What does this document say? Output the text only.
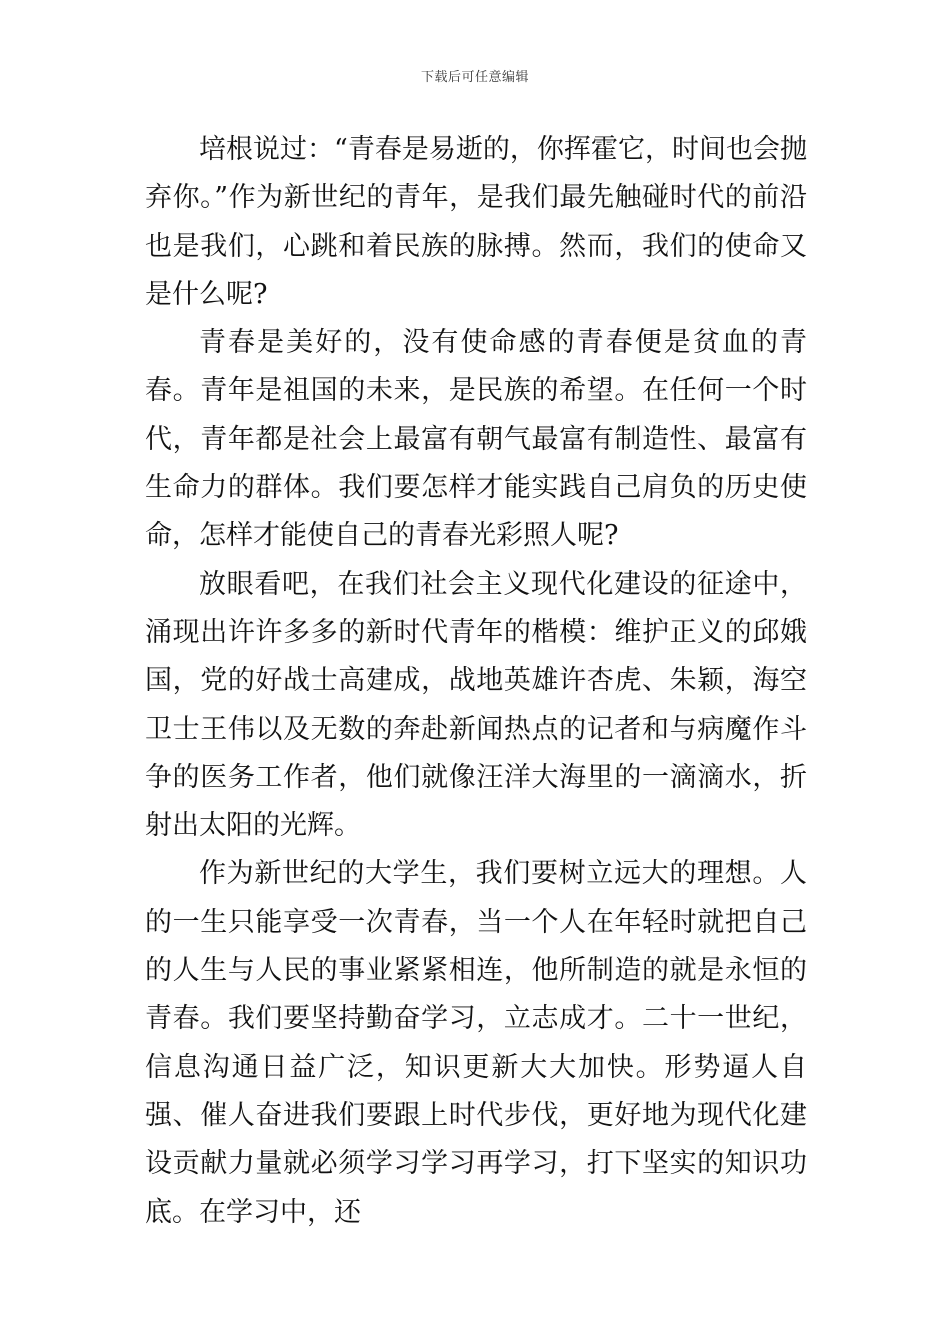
下载后可任意编辑

培根说过：“青春是易逝的，你挥霍它，时间也会抛弃你。”作为新世纪的青年，是我们最先触碰时代的前沿也是我们，心跳和着民族的脉搏。然而，我们的使命又是什么呢?

青春是美好的，没有使命感的青春便是贫血的青春。青年是祖国的未来，是民族的希望。在任何一个时代，青年都是社会上最富有朝气最富有制造性、最富有生命力的群体。我们要怎样才能实践自己肩负的历史使命，怎样才能使自己的青春光彩照人呢?

放眼看吧，在我们社会主义现代化建设的征途中，涌现出许许多多的新时代青年的楷模：维护正义的邱娥国，党的好战士高建成，战地英雄许杏虎、朱颖，海空卫士王伟以及无数的奔赴新闻热点的记者和与病魔作斗争的医务工作者，他们就像汪洋大海里的一滴滴水，折射出太阳的光辉。

作为新世纪的大学生，我们要树立远大的理想。人的一生只能享受一次青春，当一个人在年轻时就把自己的人生与人民的事业紧紧相连，他所制造的就是永恒的青春。我们要坚持勤奋学习，立志成才。二十一世纪，信息沟通日益广泛，知识更新大大加快。形势逼人自强、催人奋进我们要跟上时代步伐，更好地为现代化建设贡献力量就必须学习学习再学习，打下坚实的知识功底。在学习中，还
